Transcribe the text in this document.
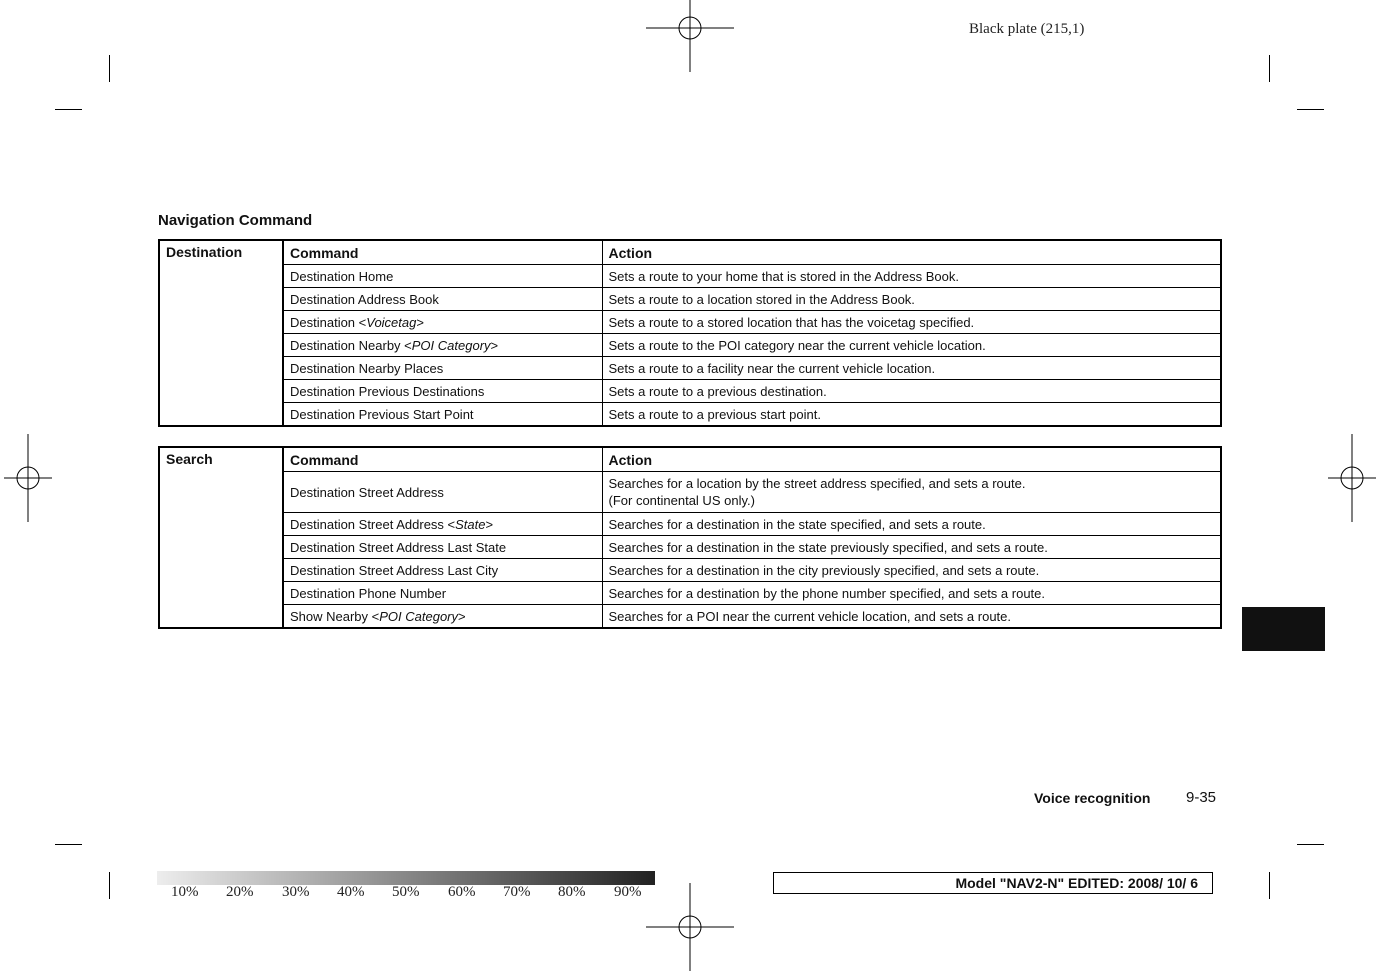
Black plate (215,1)
Navigation Command
Destination	Command	Action
	Destination Home	Sets a route to your home that is stored in the Address Book.
	Destination Address Book	Sets a route to a location stored in the Address Book.
	Destination <Voicetag>	Sets a route to a stored location that has the voicetag specified.
	Destination Nearby <POI Category>	Sets a route to the POI category near the current vehicle location.
	Destination Nearby Places	Sets a route to a facility near the current vehicle location.
	Destination Previous Destinations	Sets a route to a previous destination.
	Destination Previous Start Point	Sets a route to a previous start point.
Search	Command	Action
	Destination Street Address	Searches for a location by the street address specified, and sets a route.
(For continental US only.)

	Destination Street Address <State>	Searches for a destination in the state specified, and sets a route.
	Destination Street Address Last State	Searches for a destination in the state previously specified, and sets a route.
	Destination Street Address Last City	Searches for a destination in the city previously specified, and sets a route.
	Destination Phone Number	Searches for a destination by the phone number specified, and sets a route.
	Show Nearby <POI Category>	Searches for a POI near the current vehicle location, and sets a route.
Voice recognition 9-35
10% 20% 30% 40% 50% 60% 70% 80% 90%
Model "NAV2-N" EDITED: 2008/ 10/ 6
